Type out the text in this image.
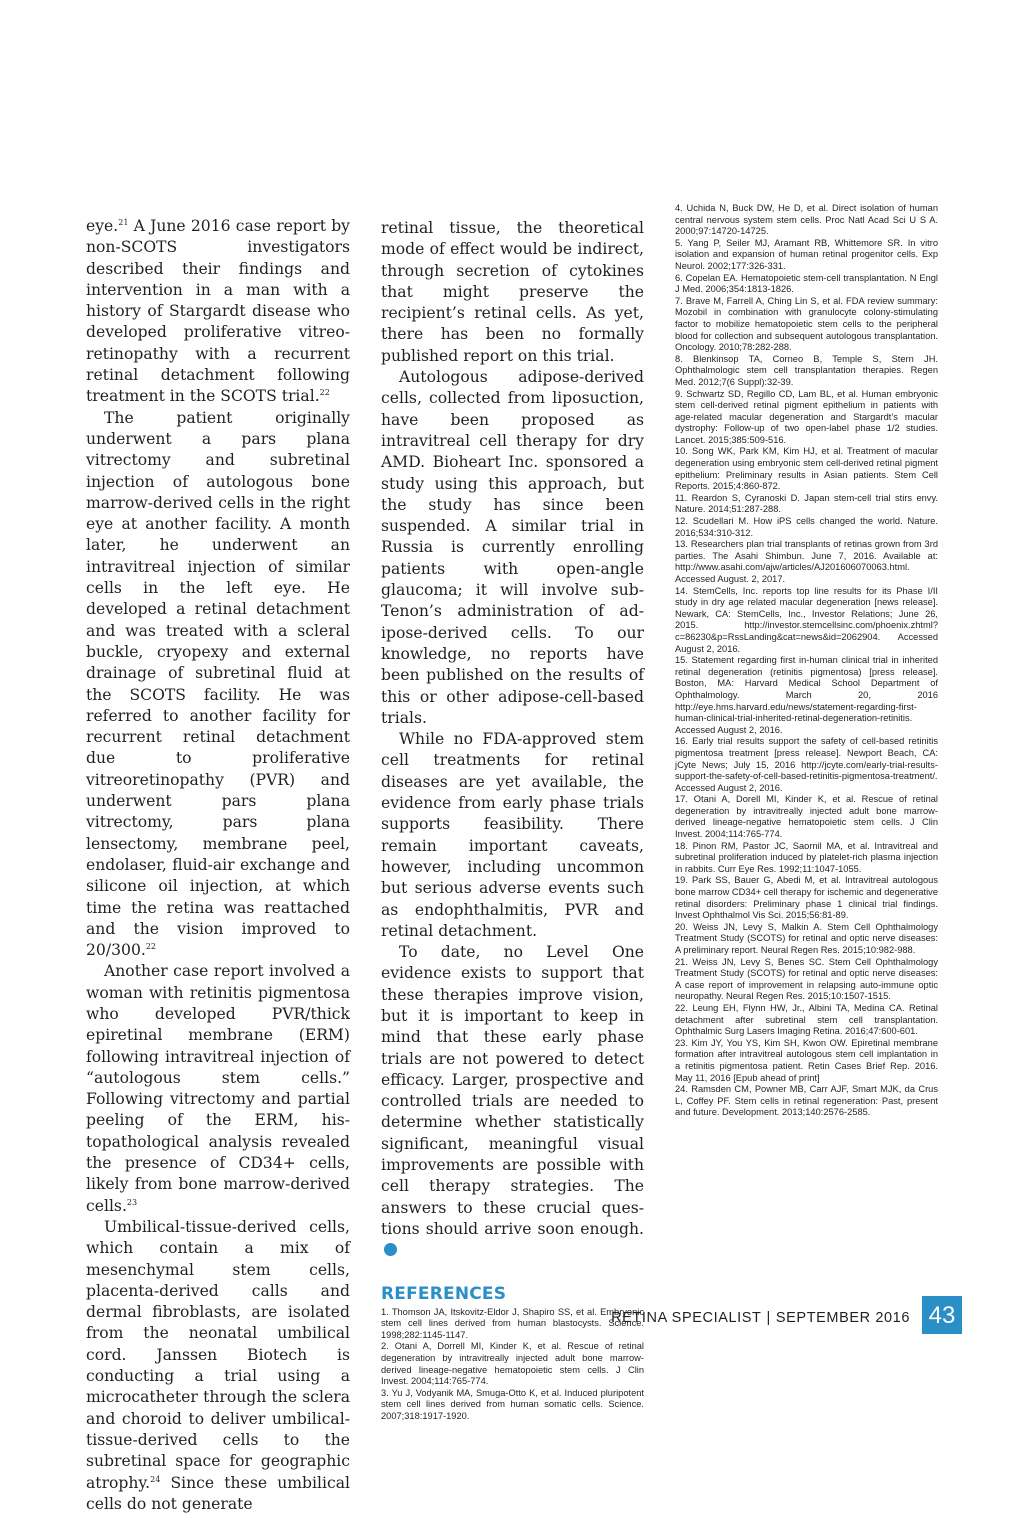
eye.$^{21}$ A June 2016 case report by non-SCOTS investigators described their findings and intervention in a man with a history of Stargardt disease who developed proliferative vitreoretinopathy with a recurrent retinal detachment following treatment in the SCOTS trial.$^{22}$

The patient originally underwent a pars plana vitrectomy and subretinal injection of autologous bone marrow-derived cells in the right eye at another facility. A month later, he underwent an intravitreal injection of similar cells in the left eye. He developed a retinal detachment and was treated with a scleral buckle, cryopexy and external drainage of subretinal fluid at the SCOTS facility. He was referred to another facility for recurrent retinal detachment due to proliferative vitreoretinopathy (PVR) and underwent pars plana vitrectomy, pars plana lensectomy, membrane peel, endolaser, fluid-air exchange and silicone oil injection, at which time the retina was reattached and the vision improved to 20/300.22

Another case report involved a woman with retinitis pigmentosa who developed PVR/thick epiretinal membrane (ERM) following intravitreal injection of “autologous stem cells.” Following vitrectomy and partial peeling of the ERM, histopathological analysis revealed the presence of CD34+ cells, likely from bone marrow-derived cells.$^{23}$

Umbilical-tissue-derived cells, which contain a mix of mesenchymal stem cells, placenta-derived calls and dermal fibroblasts, are isolated from the neonatal umbilical cord. Janssen Biotech is conducting a trial using a microcatheter through the sclera and choroid to deliver umbilical-tissue-derived cells to the subretinal space for geographic atrophy.$^{24}$ Since these umbilical cells do not generate

retinal tissue, the theoretical mode of effect would be indirect, through secretion of cytokines that might preserve the recipient’s retinal cells. As yet, there has been no formally published report on this trial.

Autologous adipose-derived cells, collected from liposuction, have been proposed as intravitreal cell therapy for dry AMD. Bioheart Inc. sponsored a study using this approach, but the study has since been suspended. A similar trial in Russia is currently enrolling patients with open-angle glaucoma; it will involve sub-Tenon’s administration of adipose-derived cells. To our knowledge, no reports have been published on the results of this or other adipose-cell-based trials.

While no FDA-approved stem cell treatments for retinal diseases are yet available, the evidence from early phase trials supports feasibility. There remain important caveats, however, including uncommon but serious adverse events such as endophthalmitis, PVR and retinal detachment.

To date, no Level One evidence exists to support that these therapies improve vision, but it is important to keep in mind that these early phase trials are not powered to detect efficacy. Larger, prospective and controlled trials are needed to determine whether statistically significant, meaningful visual improvements are possible with cell therapy strategies. The answers to these crucial questions should arrive soon enough.RS

REFERENCES
1. Thomson JA, Itskovitz-Eldor J, Shapiro SS, et al. Embryonic stem cell lines derived from human blastocysts. Science. 1998;282:1145-1147.
2. Otani A, Dorrell MI, Kinder K, et al. Rescue of retinal degeneration by intravitreally injected adult bone marrow-derived lineage-negative hematopoietic stem cells. J Clin Invest. 2004;114:765-774.
3. Yu J, Vodyanik MA, Smuga-Otto K, et al. Induced pluripotent stem cell lines derived from human somatic cells. Science. 2007;318:1917-1920.
4. Uchida N, Buck DW, He D, et al. Direct isolation of human central nervous system stem cells. Proc Natl Acad Sci U S A. 2000;97:14720-14725.
5. Yang P, Seiler MJ, Aramant RB, Whittemore SR. In vitro isolation and expansion of human retinal progenitor cells. Exp Neurol. 2002;177:326-331.
6. Copelan EA. Hematopoietic stem-cell transplantation. N Engl J Med. 2006;354:1813-1826.
7. Brave M, Farrell A, Ching Lin S, et al. FDA review summary: Mozobil in combination with granulocyte colony-stimulating factor to mobilize hematopoietic stem cells to the peripheral blood for collection and subsequent autologous transplantation. Oncology. 2010;78:282-288.
8. Blenkinsop TA, Corneo B, Temple S, Stern JH. Ophthalmologic stem cell transplantation therapies. Regen Med. 2012;7(6 Suppl):32-39.
9. Schwartz SD, Regillo CD, Lam BL, et al. Human embryonic stem cell-derived retinal pigment epithelium in patients with age-related macular degeneration and Stargardt’s macular dystrophy: Follow-up of two open-label phase 1/2 studies. Lancet. 2015;385:509-516.
10. Song WK, Park KM, Kim HJ, et al. Treatment of macular degeneration using embryonic stem cell-derived retinal pigment epithelium: Preliminary results in Asian patients. Stem Cell Reports. 2015;4:860-872.
11. Reardon S, Cyranoski D. Japan stem-cell trial stirs envy. Nature. 2014;51:287-288.
12. Scudellari M. How iPS cells changed the world. Nature. 2016;534:310-312.
13. Researchers plan trial transplants of retinas grown from 3rd parties. The Asahi Shimbun. June 7, 2016. Available at: http://www.asahi.com/ajw/articles/AJ201606070063.html. Accessed August. 2, 2017.
14. StemCells, Inc. reports top line results for its Phase I/II study in dry age related macular degeneration [news release]. Newark, CA: StemCells, Inc., Investor Relations; June 26, 2015. http://investor.stemcellsinc.com/phoenix.zhtml?c=86230&p=RssLanding&cat=news&id=2062904. Accessed August 2, 2016.
15. Statement regarding first in-human clinical trial in inherited retinal degeneration (retinitis pigmentosa) [press release]. Boston, MA: Harvard Medical School Department of Ophthalmology. March 20, 2016 http://eye.hms.harvard.edu/news/statement-regarding-first-human-clinical-trial-inherited-retinal-degeneration-retinitis. Accessed August 2, 2016.
16. Early trial results support the safety of cell-based retinitis pigmentosa treatment [press release]. Newport Beach, CA: jCyte News; July 15, 2016 http://jcyte.com/early-trial-results-support-the-safety-of-cell-based-retinitis-pigmentosa-treatment/. Accessed August 2, 2016.
17. Otani A, Dorell MI, Kinder K, et al. Rescue of retinal degeneration by intravitreally injected adult bone marrow-derived lineage-negative hematopoietic stem cells. J Clin Invest. 2004;114:765-774.
18. Pinon RM, Pastor JC, Saornil MA, et al. Intravitreal and subretinal proliferation induced by platelet-rich plasma injection in rabbits. Curr Eye Res. 1992;11:1047-1055.
19. Park SS, Bauer G, Abedi M, et al. Intravitreal autologous bone marrow CD34+ cell therapy for ischemic and degenerative retinal disorders: Preliminary phase 1 clinical trial findings. Invest Ophthalmol Vis Sci. 2015;56:81-89.
20. Weiss JN, Levy S, Malkin A. Stem Cell Ophthalmology Treatment Study (SCOTS) for retinal and optic nerve diseases: A preliminary report. Neural Regen Res. 2015;10:982-988.
21. Weiss JN, Levy S, Benes SC. Stem Cell Ophthalmology Treatment Study (SCOTS) for retinal and optic nerve diseases: A case report of improvement in relapsing auto-immune optic neuropathy. Neural Regen Res. 2015;10:1507-1515.
22. Leung EH, Flynn HW, Jr., Albini TA, Medina CA. Retinal detachment after subretinal stem cell transplantation. Ophthalmic Surg Lasers Imaging Retina. 2016;47:600-601.
23. Kim JY, You YS, Kim SH, Kwon OW. Epiretinal membrane formation after intravitreal autologous stem cell implantation in a retinitis pigmentosa patient. Retin Cases Brief Rep. 2016. May 11, 2016 [Epub ahead of print]
24. Ramsden CM, Powner MB, Carr AJF, Smart MJK, da Crus L, Coffey PF. Stem cells in retinal regeneration: Past, present and future. Development. 2013;140:2576-2585.
RETINA SPECIALIST | SEPTEMBER 2016 43
